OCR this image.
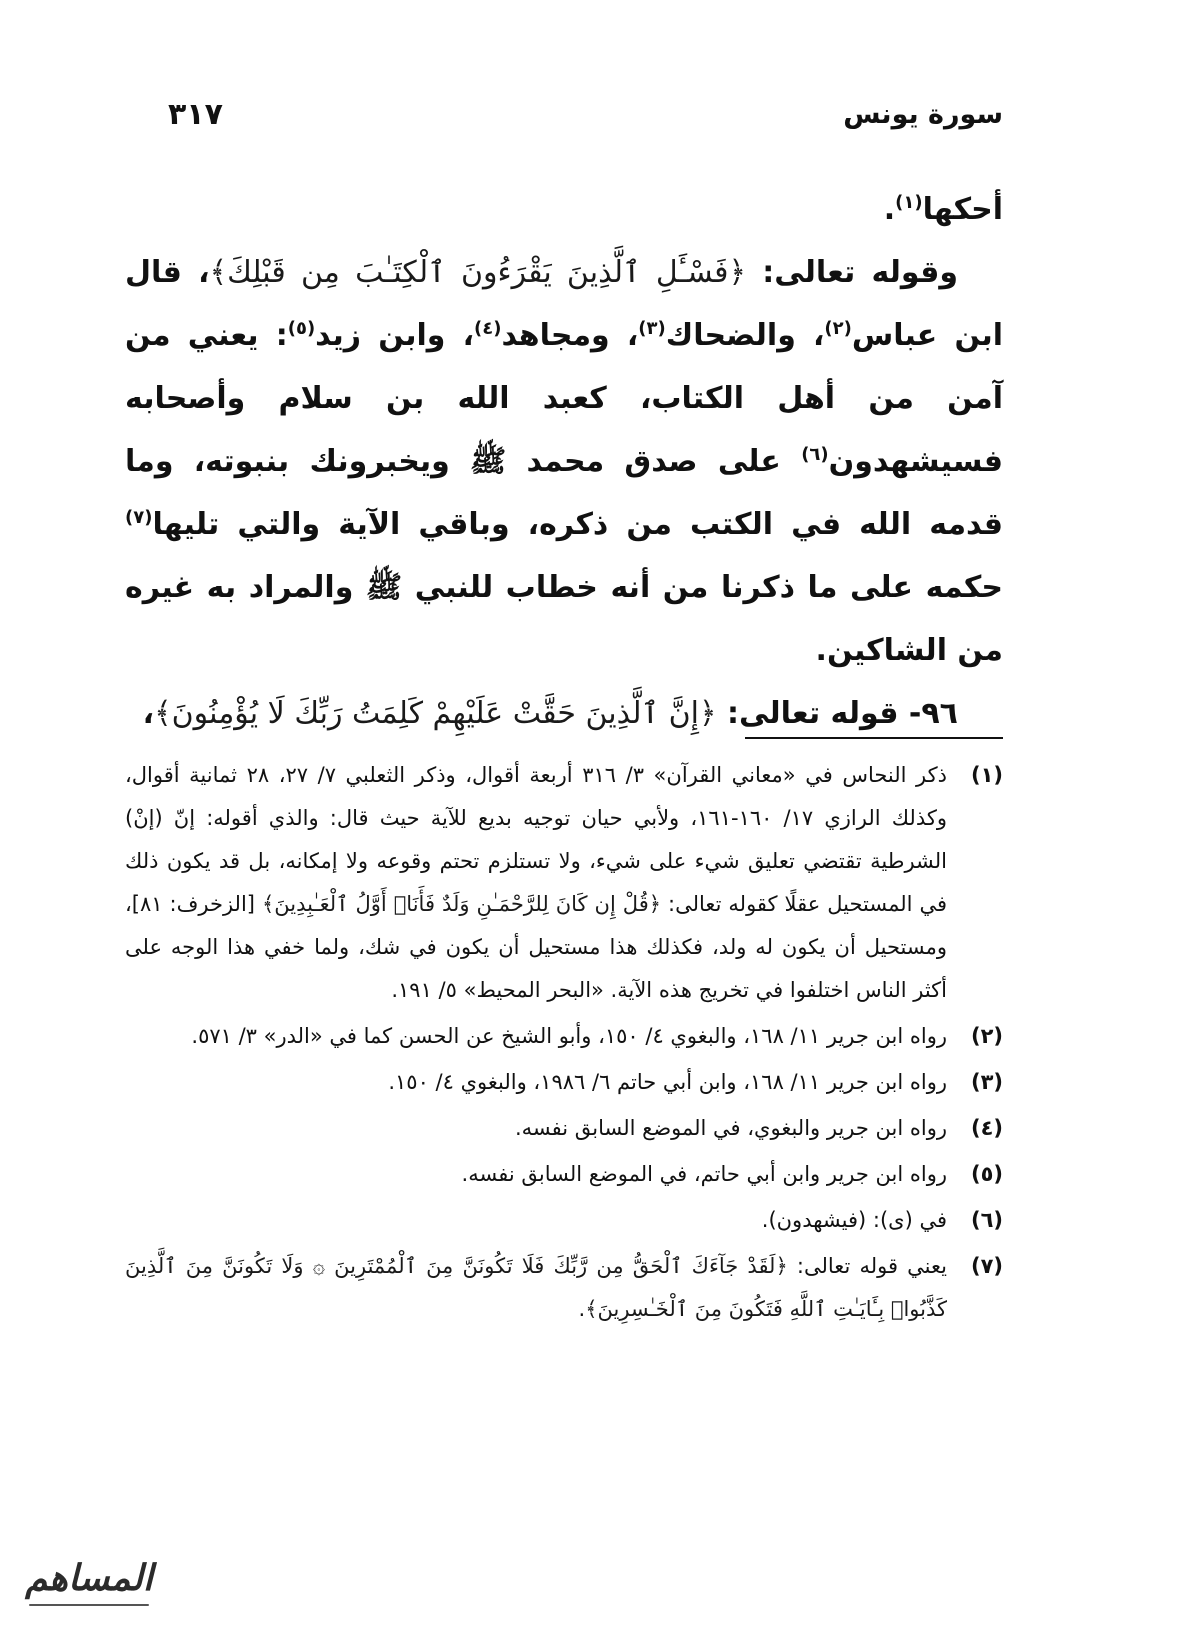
سورة يونس
٣١٧

أحكها$^{(١)}$.

وقوله تعالى: ﴿فَسْـَٔلِ ٱلَّذِينَ يَقْرَءُونَ ٱلْكِتَـٰبَ مِن قَبْلِكَ﴾، قال ابن عباس$^{(٢)}$، والضحاك$^{(٣)}$، ومجاهد$^{(٤)}$، وابن زيد$^{(٥)}$: يعني من آمن من أهل الكتاب، كعبد الله بن سلام وأصحابه فسيشهدون$^{(٦)}$ على صدق محمد ﷺ ويخبرونك بنبوته، وما قدمه الله في الكتب من ذكره، وباقي الآية والتي تليها$^{(٧)}$ حكمه على ما ذكرنا من أنه خطاب للنبي ﷺ والمراد به غيره من الشاكين.

٩٦- قوله تعالى: ﴿إِنَّ ٱلَّذِينَ حَقَّتْ عَلَيْهِمْ كَلِمَتُ رَبِّكَ لَا يُؤْمِنُونَ﴾،

(١)
ذكر النحاس في «معاني القرآن» ٣/ ٣١٦ أربعة أقوال، وذكر الثعلبي ٧/ ٢٧، ٢٨ ثمانية أقوال، وكذلك الرازي ١٧/ ١٦٠-١٦١، ولأبي حيان توجيه بديع للآية حيث قال: والذي أقوله: إنّ (إنْ) الشرطية تقتضي تعليق شيء على شيء، ولا تستلزم تحتم وقوعه ولا إمكانه، بل قد يكون ذلك في المستحيل عقلًا كقوله تعالى: ﴿قُلْ إِن كَانَ لِلرَّحْمَـٰنِ وَلَدٌ فَأَنَا۠ أَوَّلُ ٱلْعَـٰبِدِينَ﴾ [الزخرف: ٨١]، ومستحيل أن يكون له ولد، فكذلك هذا مستحيل أن يكون في شك، ولما خفي هذا الوجه على أكثر الناس اختلفوا في تخريج هذه الآية. «البحر المحيط» ٥/ ١٩١.
(٢)
رواه ابن جرير ١١/ ١٦٨، والبغوي ٤/ ١٥٠، وأبو الشيخ عن الحسن كما في «الدر» ٣/ ٥٧١.
(٣)
رواه ابن جرير ١١/ ١٦٨، وابن أبي حاتم ٦/ ١٩٨٦، والبغوي ٤/ ١٥٠.
(٤)
رواه ابن جرير والبغوي، في الموضع السابق نفسه.
(٥)
رواه ابن جرير وابن أبي حاتم، في الموضع السابق نفسه.
(٦)
في (ى): (فيشهدون).
(٧)
يعني قوله تعالى: ﴿لَقَدْ جَآءَكَ ٱلْحَقُّ مِن رَّبِّكَ فَلَا تَكُونَنَّ مِنَ ٱلْمُمْتَرِينَ ۞ وَلَا تَكُونَنَّ مِنَ ٱلَّذِينَ كَذَّبُوا۟ بِـَٔايَـٰتِ ٱللَّهِ فَتَكُونَ مِنَ ٱلْخَـٰسِرِينَ﴾.
المساهم
